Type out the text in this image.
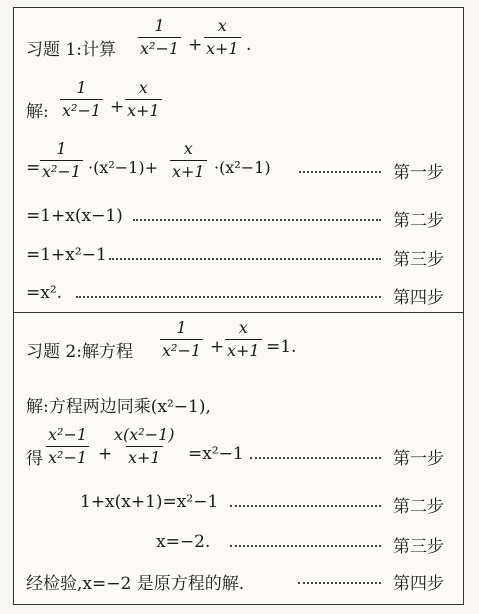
习题 1:计算 $\frac{1}{\text{x²−1}} + \frac{x}{x+1}$ .
解: $\frac{1}{\text{x²−1}} + \frac{x}{x+1}$
= $\frac{1}{\text{x²−1}} \cdot(x^2-1)+ \frac{x}{x+1} \cdot(x^2-1)$	第一步
=1+x(x−1)	第二步
=1+x²−1	第三步
=x².	第四步
习题 2:解方程 $\frac{1}{\text{x²−1}} + \frac{x}{x+1} =1$.
解:方程两边同乘(x²−1),
得 $\frac{\text{x²−1}}{\text{x²−1}} + \frac{\text{x(x²−1)}}{x+1} =x^2-1$	第一步
1+x(x+1)=x²−1	第二步
x=−2.	第三步
经检验,x=−2 是原方程的解.	第四步
